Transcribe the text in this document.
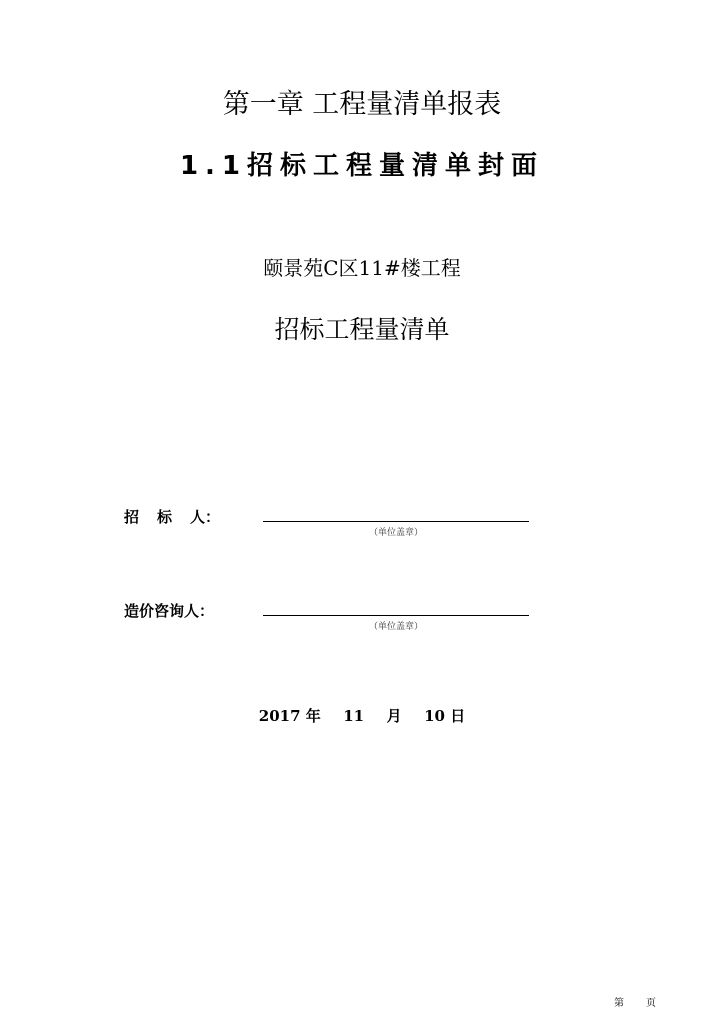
第一章 工程量清单报表
1.1招标工程量清单封面
颐景苑C区11#楼工程
招标工程量清单
招 标 人：
（单位盖章）
造价咨询人：
（单位盖章）
2017 年 11 月 10 日
第 页
